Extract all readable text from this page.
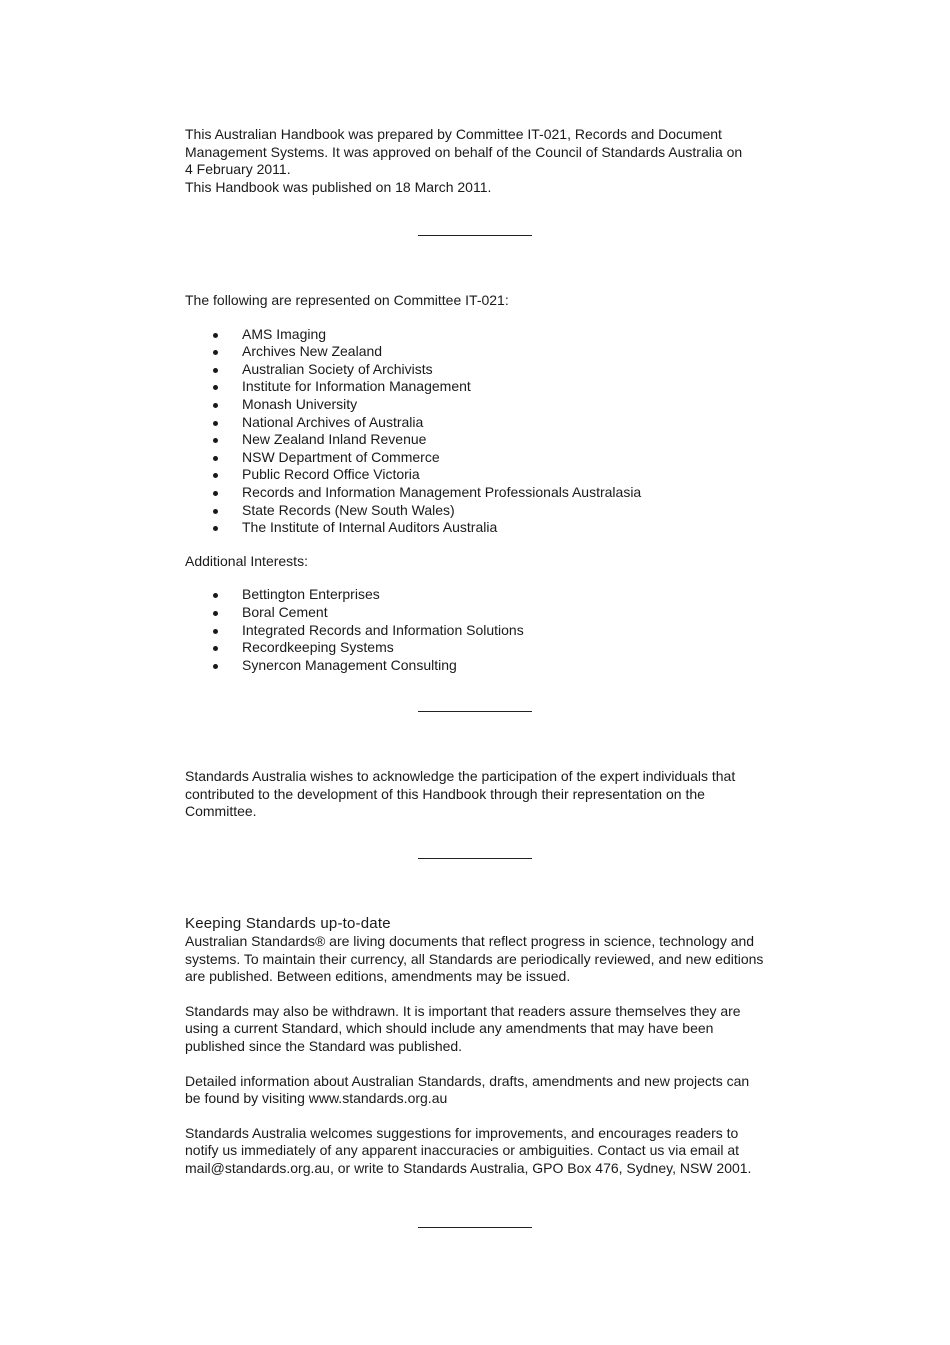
This Australian Handbook was prepared by Committee IT-021, Records and Document

Management Systems. It was approved on behalf of the Council of Standards Australia on

4 February 2011.

This Handbook was published on 18 March 2011.

The following are represented on Committee IT-021:

AMS Imaging
Archives New Zealand
Australian Society of Archivists
Institute for Information Management
Monash University
National Archives of Australia
New Zealand Inland Revenue
NSW Department of Commerce
Public Record Office Victoria
Records and Information Management Professionals Australasia
State Records (New South Wales)
The Institute of Internal Auditors Australia

Additional Interests:

Bettington Enterprises
Boral Cement
Integrated Records and Information Solutions
Recordkeeping Systems
Synercon Management Consulting

Standards Australia wishes to acknowledge the participation of the expert individuals that

contributed to the development of this Handbook through their representation on the

Committee.

Keeping Standards up-to-date

Australian Standards® are living documents that reflect progress in science, technology and

systems. To maintain their currency, all Standards are periodically reviewed, and new editions

are published. Between editions, amendments may be issued.

Standards may also be withdrawn. It is important that readers assure themselves they are

using a current Standard, which should include any amendments that may have been

published since the Standard was published.

Detailed information about Australian Standards, drafts, amendments and new projects can

be found by visiting www.standards.org.au

Standards Australia welcomes suggestions for improvements, and encourages readers to

notify us immediately of any apparent inaccuracies or ambiguities. Contact us via email at

mail@standards.org.au, or write to Standards Australia, GPO Box 476, Sydney, NSW 2001.
